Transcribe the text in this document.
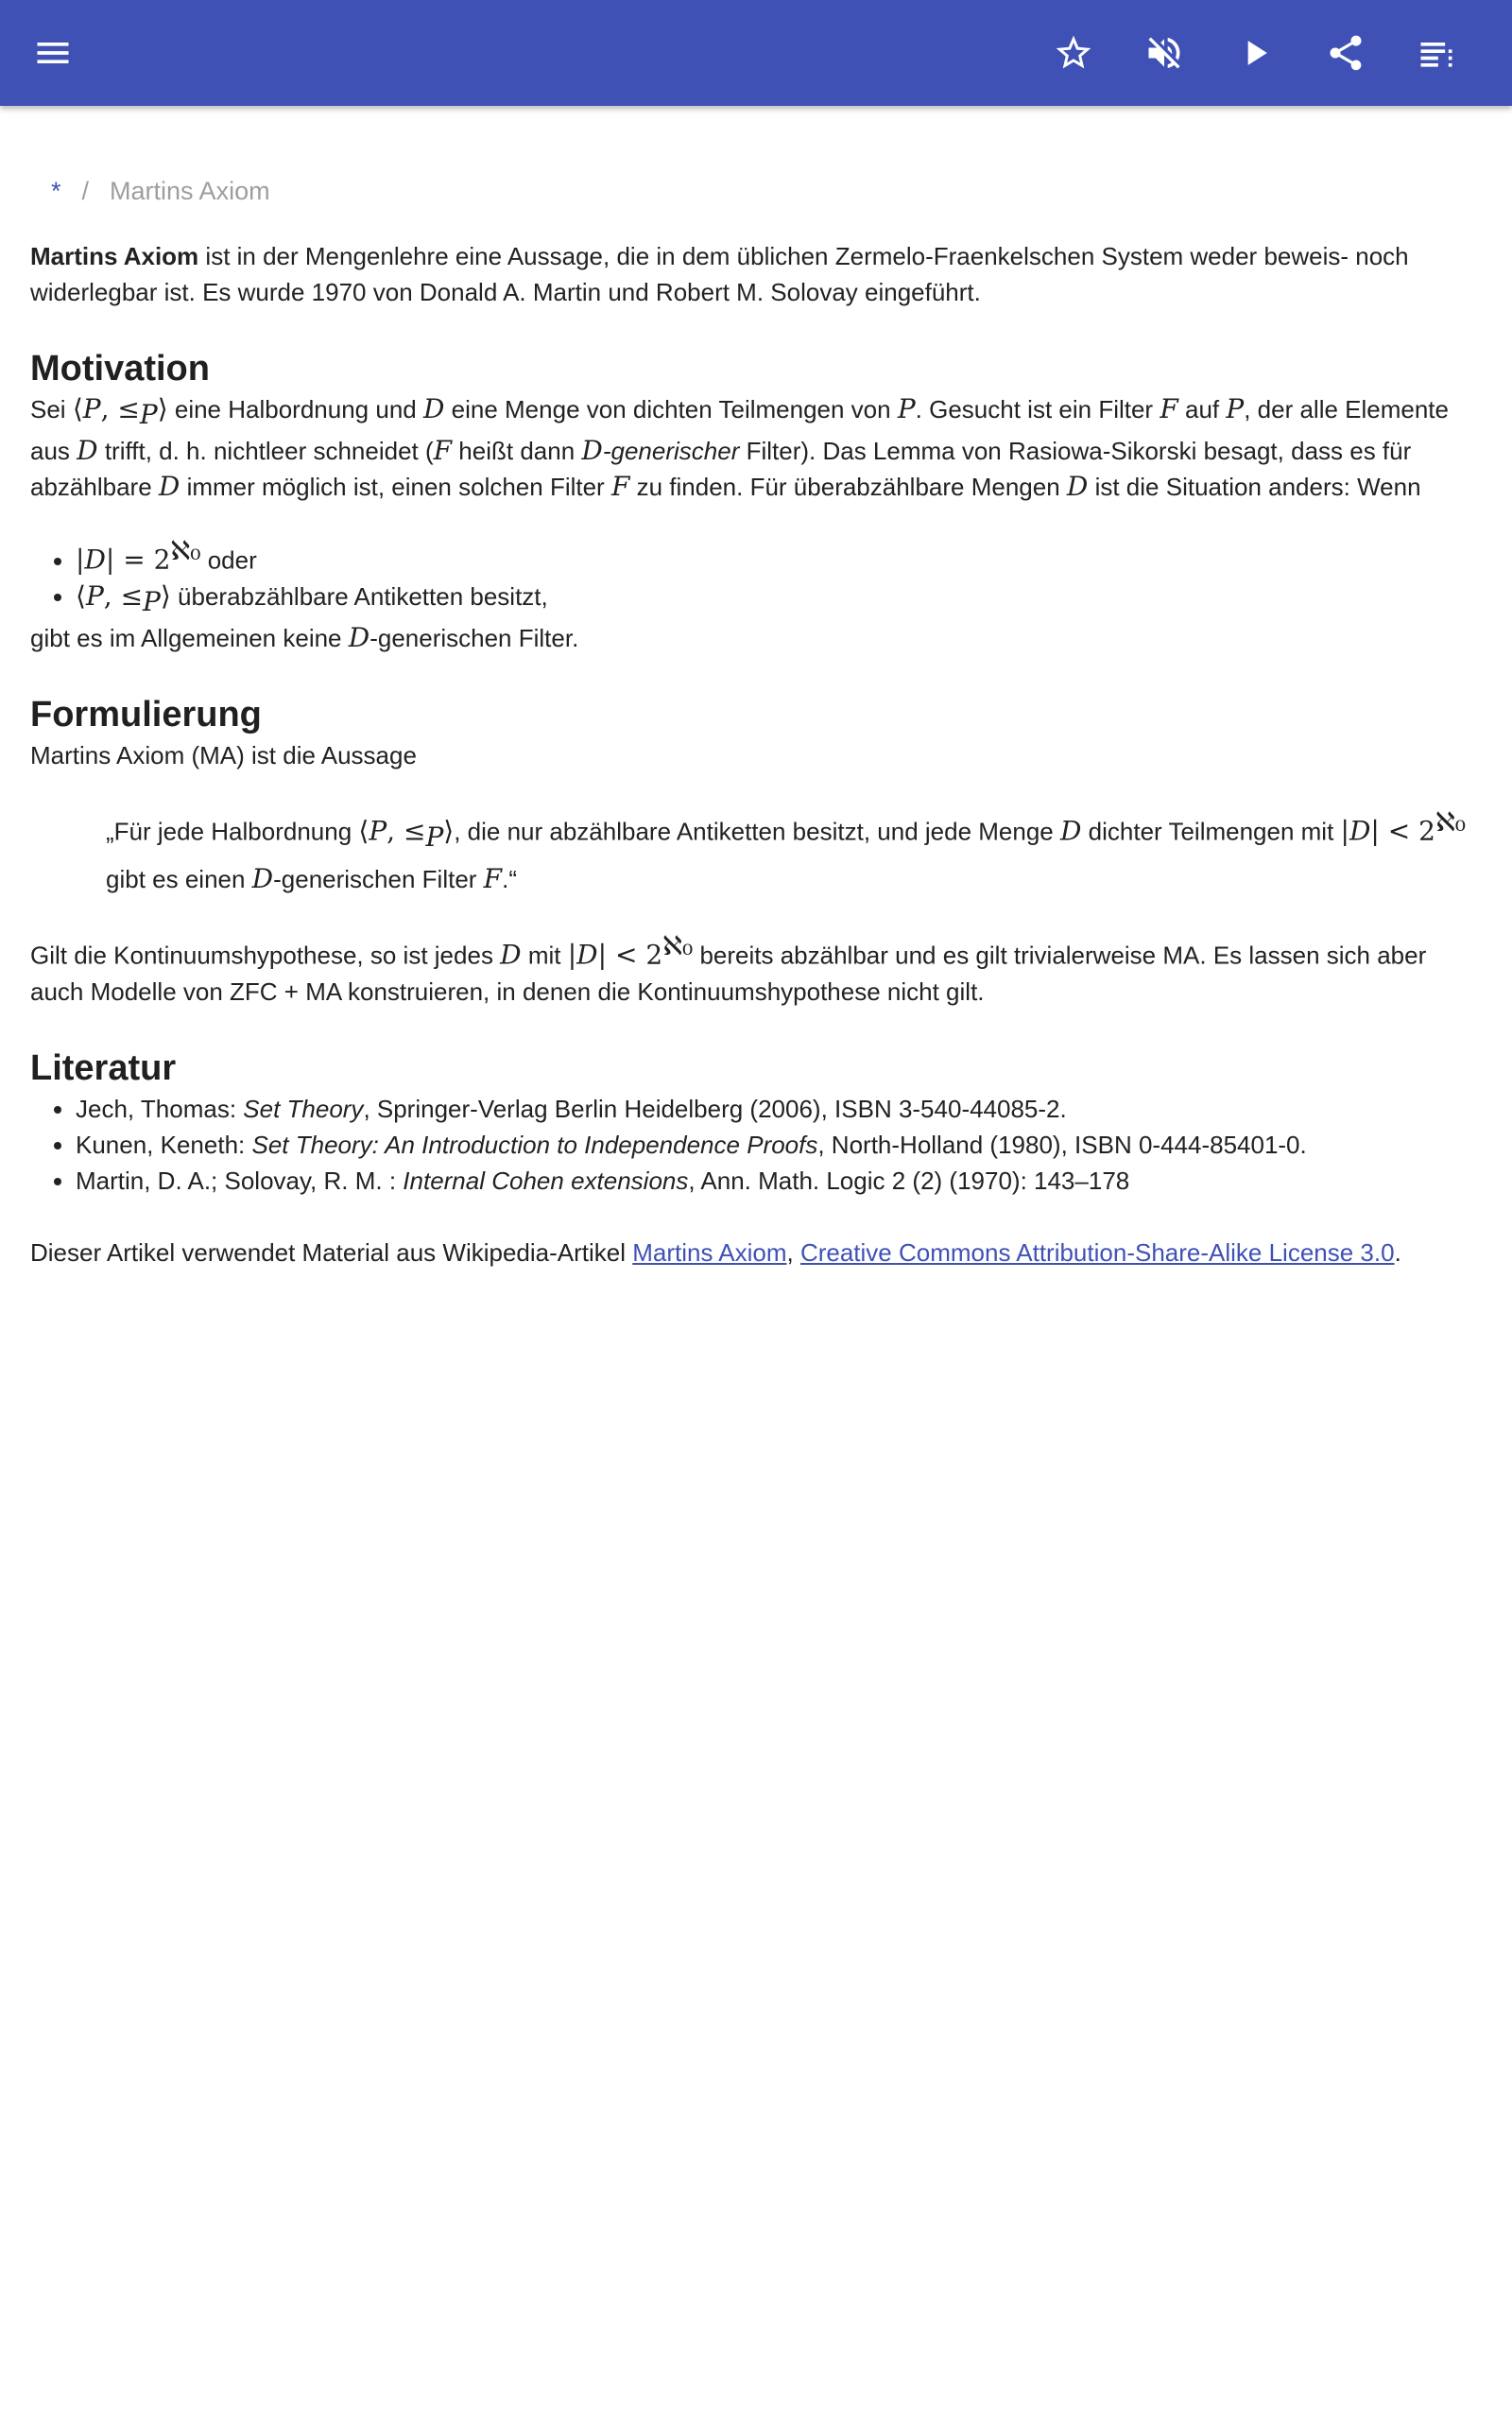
* / Martins Axiom

Martins Axiom ist in der Mengenlehre eine Aussage, die in dem üblichen Zermelo-Fraenkelschen System weder beweis- noch widerlegbar ist. Es wurde 1970 von Donald A. Martin und Robert M. Solovay eingeführt.

Motivation

Sei ⟨P, $\le_P⟩$ eine Halbordnung und D eine Menge von dichten Teilmengen von P. Gesucht ist ein Filter F auf P, der alle Elemente aus D trifft, d. h. nichtleer schneidet (F heißt dann D-generischer Filter). Das Lemma von Rasiowa-Sikorski besagt, dass es für abzählbare D immer möglich ist, einen solchen Filter F zu finden. Für überabzählbare Mengen D ist die Situation anders: Wenn

• $|D| = 2^{ℵ_0}$ oder
• ⟨P, $\le_P⟩$ überabzählbare Antiketten besitzt,

gibt es im Allgemeinen keine D-generischen Filter.

Formulierung

Martins Axiom (MA) ist die Aussage

„Für jede Halbordnung ⟨P, $\le_P⟩$, die nur abzählbare Antiketten besitzt, und jede Menge D dichter Teilmengen mit $|D| < 2^{ℵ_0}$ gibt es einen D-generischen Filter F.“

Gilt die Kontinuumshypothese, so ist jedes D mit $|D| < 2^{ℵ_0}$ bereits abzählbar und es gilt trivialerweise MA. Es lassen sich aber auch Modelle von ZFC + MA konstruieren, in denen die Kontinuumshypothese nicht gilt.

Literatur
• Jech, Thomas: Set Theory, Springer-Verlag Berlin Heidelberg (2006), ISBN 3-540-44085-2.
• Kunen, Keneth: Set Theory: An Introduction to Independence Proofs, North-Holland (1980), ISBN 0-444-85401-0.
• Martin, D. A.; Solovay, R. M. : Internal Cohen extensions, Ann. Math. Logic 2 (2) (1970): 143–178

Dieser Artikel verwendet Material aus Wikipedia-Artikel Martins Axiom, Creative Commons Attribution-Share-Alike License 3.0.
